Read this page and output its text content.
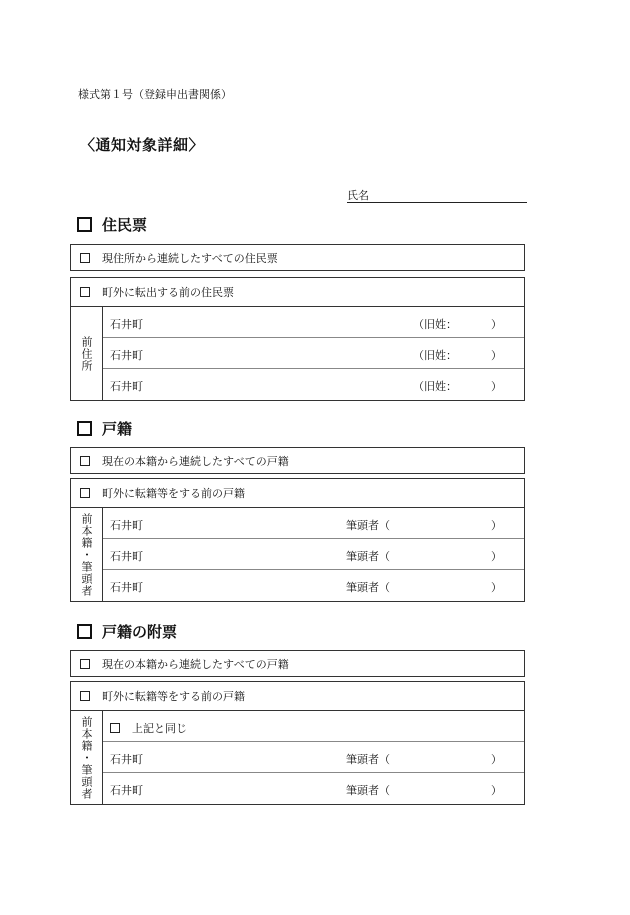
様式第１号（登録申出書関係）
〈通知対象詳細〉
氏名
住民票
現住所から連続したすべての住民票
町外に転出する前の住民票
前住所
石井町	（旧姓：	）
石井町	（旧姓：	）
石井町	（旧姓：	）
戸籍
現在の本籍から連続したすべての戸籍
町外に転籍等をする前の戸籍
前本籍・筆頭者 石井町	筆頭者（	）
石井町	筆頭者（	）
石井町	筆頭者（	）
戸籍の附票
現在の本籍から連続したすべての戸籍
町外に転籍等をする前の戸籍
前本籍・筆頭者	上記と同じ
石井町	筆頭者（	）
石井町	筆頭者（	）
